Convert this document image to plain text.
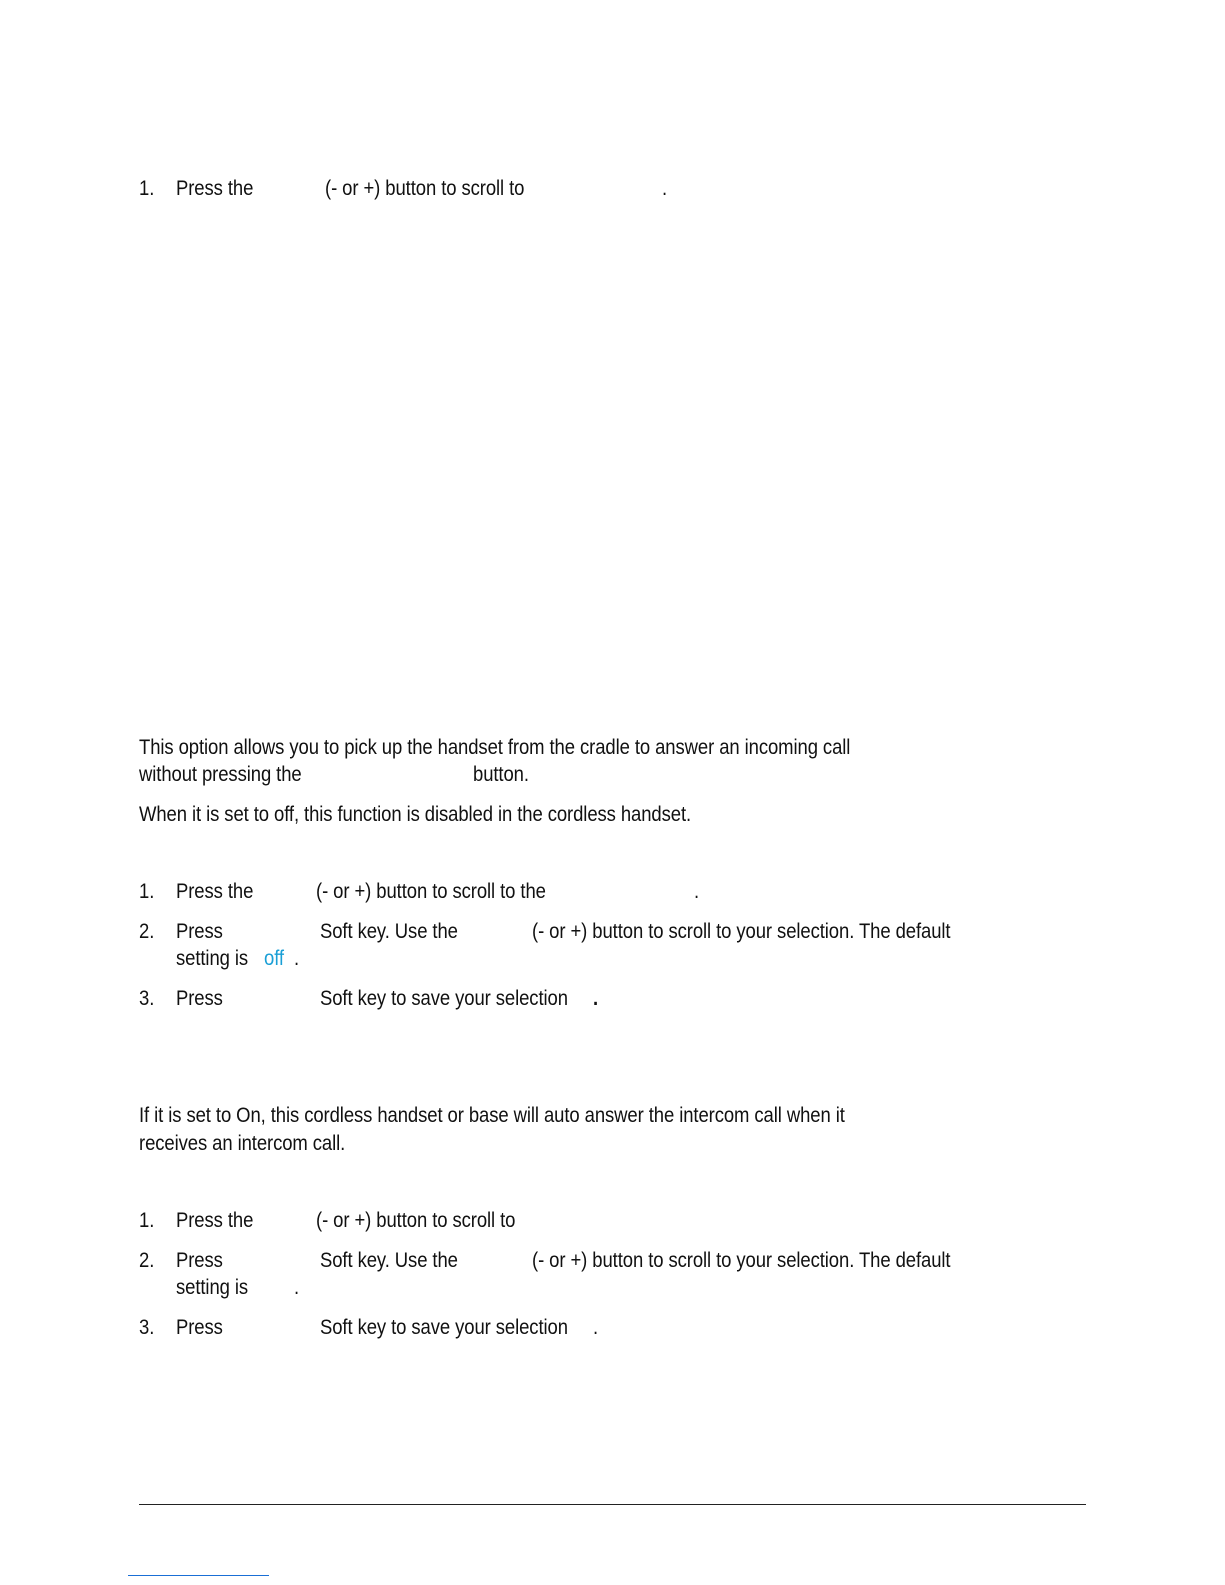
1. Press the	(- or +) button to scroll to	.
This option allows you to pick up the handset from the cradle to answer an incoming call
without pressing the	button.
When it is set to off, this function is disabled in the cordless handset.
1. Press the	(- or +) button to scroll to the	.
2. Press	Soft key. Use the	(- or +) button to scroll to your selection. The default
setting is off .
3. Press	Soft key to save your selection .
If it is set to On, this cordless handset or base will auto answer the intercom call when it
receives an intercom call.
1. Press the	(- or +) button to scroll to
2. Press	Soft key. Use the	(- or +) button to scroll to your selection. The default
setting is .
3. Press	Soft key to save your selection .
